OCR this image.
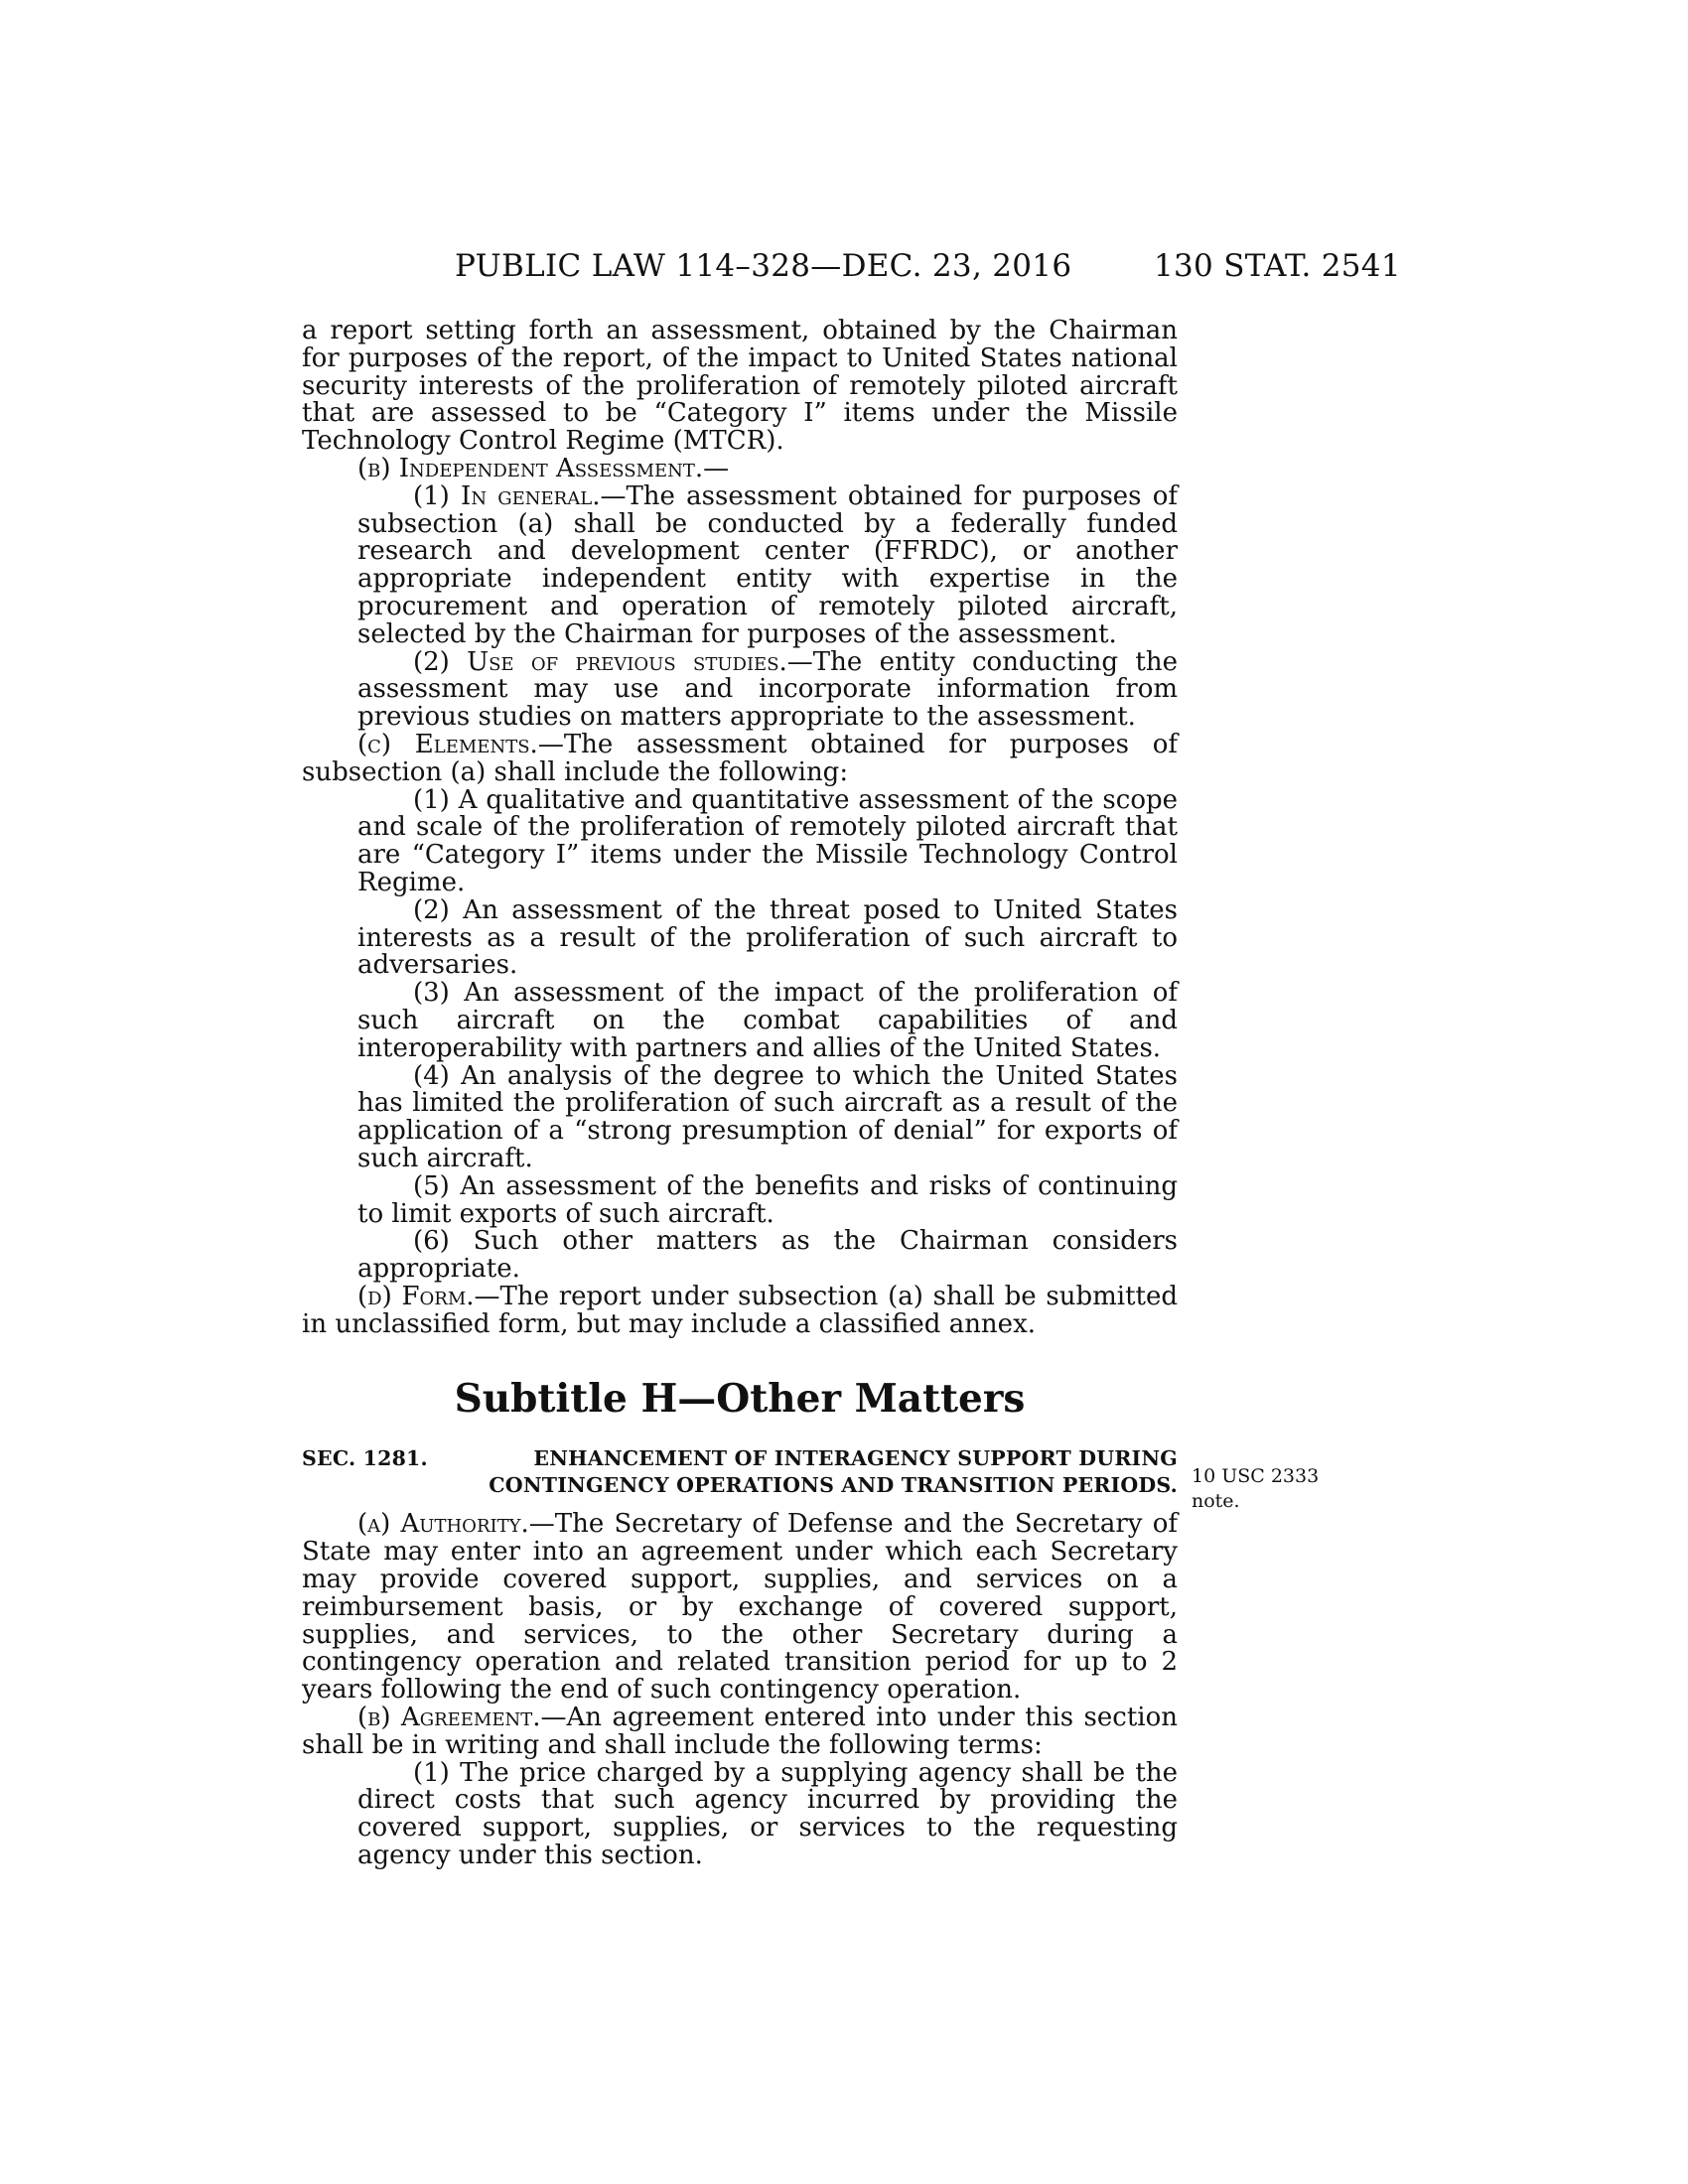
PUBLIC LAW 114–328—DEC. 23, 2016	130 STAT. 2541

a report setting forth an assessment, obtained by the Chairman for purposes of the report, of the impact to United States national security interests of the proliferation of remotely piloted aircraft that are assessed to be “Category I” items under the Missile Technology Control Regime (MTCR).

(b) Independent Assessment.—

(1) In general.—The assessment obtained for purposes of subsection (a) shall be conducted by a federally funded research and development center (FFRDC), or another appropriate independent entity with expertise in the procurement and operation of remotely piloted aircraft, selected by the Chairman for purposes of the assessment.

(2) Use of previous studies.—The entity conducting the assessment may use and incorporate information from previous studies on matters appropriate to the assessment.

(c) Elements.—The assessment obtained for purposes of subsection (a) shall include the following:

(1) A qualitative and quantitative assessment of the scope and scale of the proliferation of remotely piloted aircraft that are “Category I” items under the Missile Technology Control Regime.

(2) An assessment of the threat posed to United States interests as a result of the proliferation of such aircraft to adversaries.

(3) An assessment of the impact of the proliferation of such aircraft on the combat capabilities of and interoperability with partners and allies of the United States.

(4) An analysis of the degree to which the United States has limited the proliferation of such aircraft as a result of the application of a “strong presumption of denial” for exports of such aircraft.

(5) An assessment of the benefits and risks of continuing to limit exports of such aircraft.

(6) Such other matters as the Chairman considers appropriate.

(d) Form.—The report under subsection (a) shall be submitted in unclassified form, but may include a classified annex.

Subtitle H—Other Matters
SEC. 1281.	ENHANCEMENT OF INTERAGENCY SUPPORT DURING
CONTINGENCY OPERATIONS AND TRANSITION PERIODS.

(a) Authority.—The Secretary of Defense and the Secretary of State may enter into an agreement under which each Secretary may provide covered support, supplies, and services on a reimbursement basis, or by exchange of covered support, supplies, and services, to the other Secretary during a contingency operation and related transition period for up to 2 years following the end of such contingency operation.

(b) Agreement.—An agreement entered into under this section shall be in writing and shall include the following terms:

(1) The price charged by a supplying agency shall be the direct costs that such agency incurred by providing the covered support, supplies, or services to the requesting agency under this section.

10 USC 2333
note.
